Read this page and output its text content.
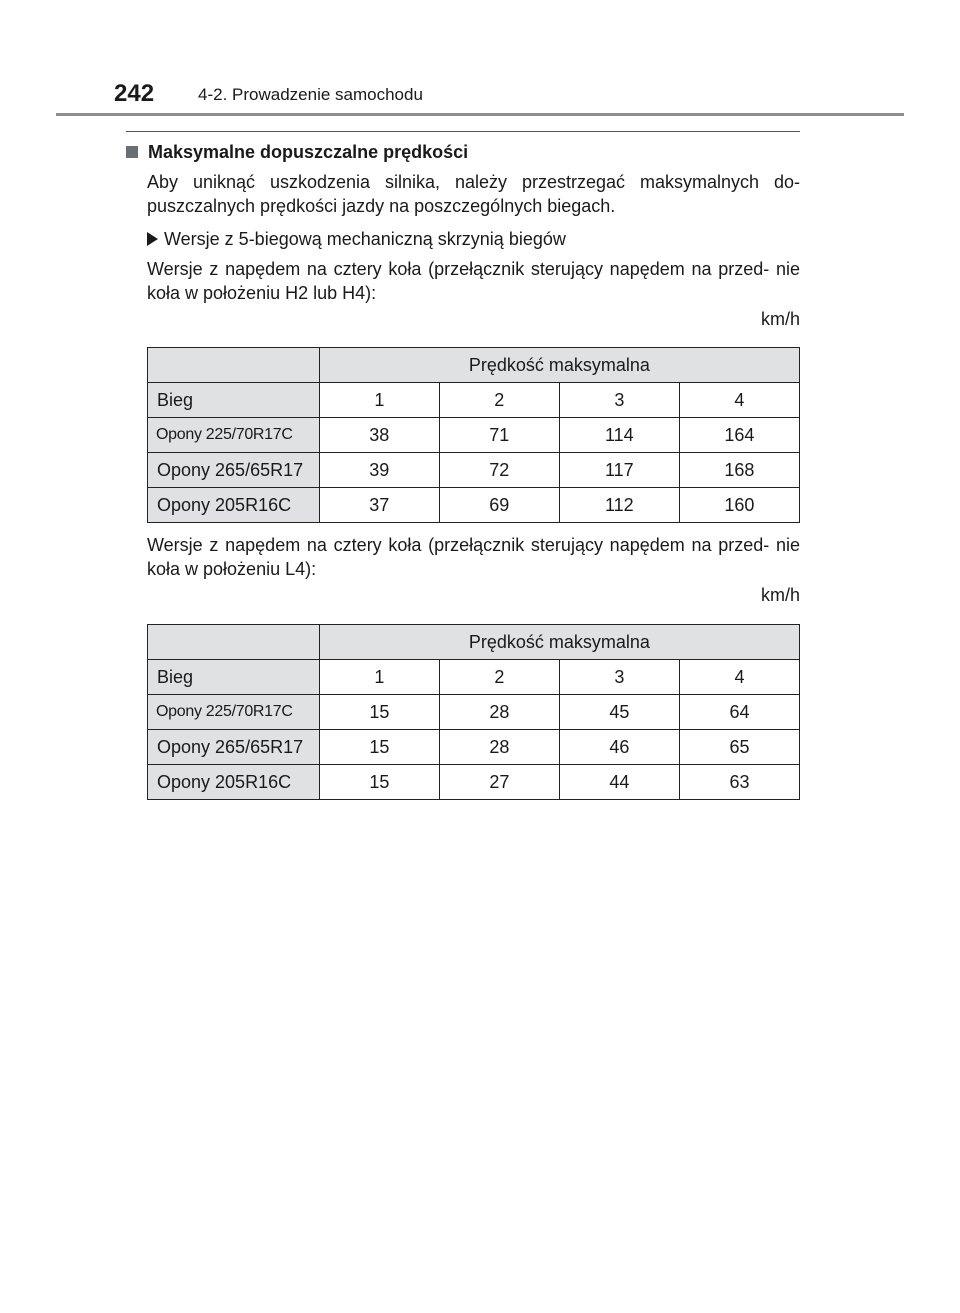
242	4-2. Prowadzenie samochodu
Maksymalne dopuszczalne prędkości
Aby uniknąć uszkodzenia silnika, należy przestrzegać maksymalnych do- puszczalnych prędkości jazdy na poszczególnych biegach.
Wersje z 5-biegową mechaniczną skrzynią biegów
Wersje z napędem na cztery koła (przełącznik sterujący napędem na przed- nie koła w położeniu H2 lub H4):
km/h
	Prędkość maksymalna			
Bieg	1	2	3	4
Opony 225/70R17C	38	71	114	164
Opony 265/65R17	39	72	117	168
Opony 205R16C	37	69	112	160
Wersje z napędem na cztery koła (przełącznik sterujący napędem na przed- nie koła w położeniu L4):
km/h
	Prędkość maksymalna			
Bieg	1	2	3	4
Opony 225/70R17C	15	28	45	64
Opony 265/65R17	15	28	46	65
Opony 205R16C	15	27	44	63
